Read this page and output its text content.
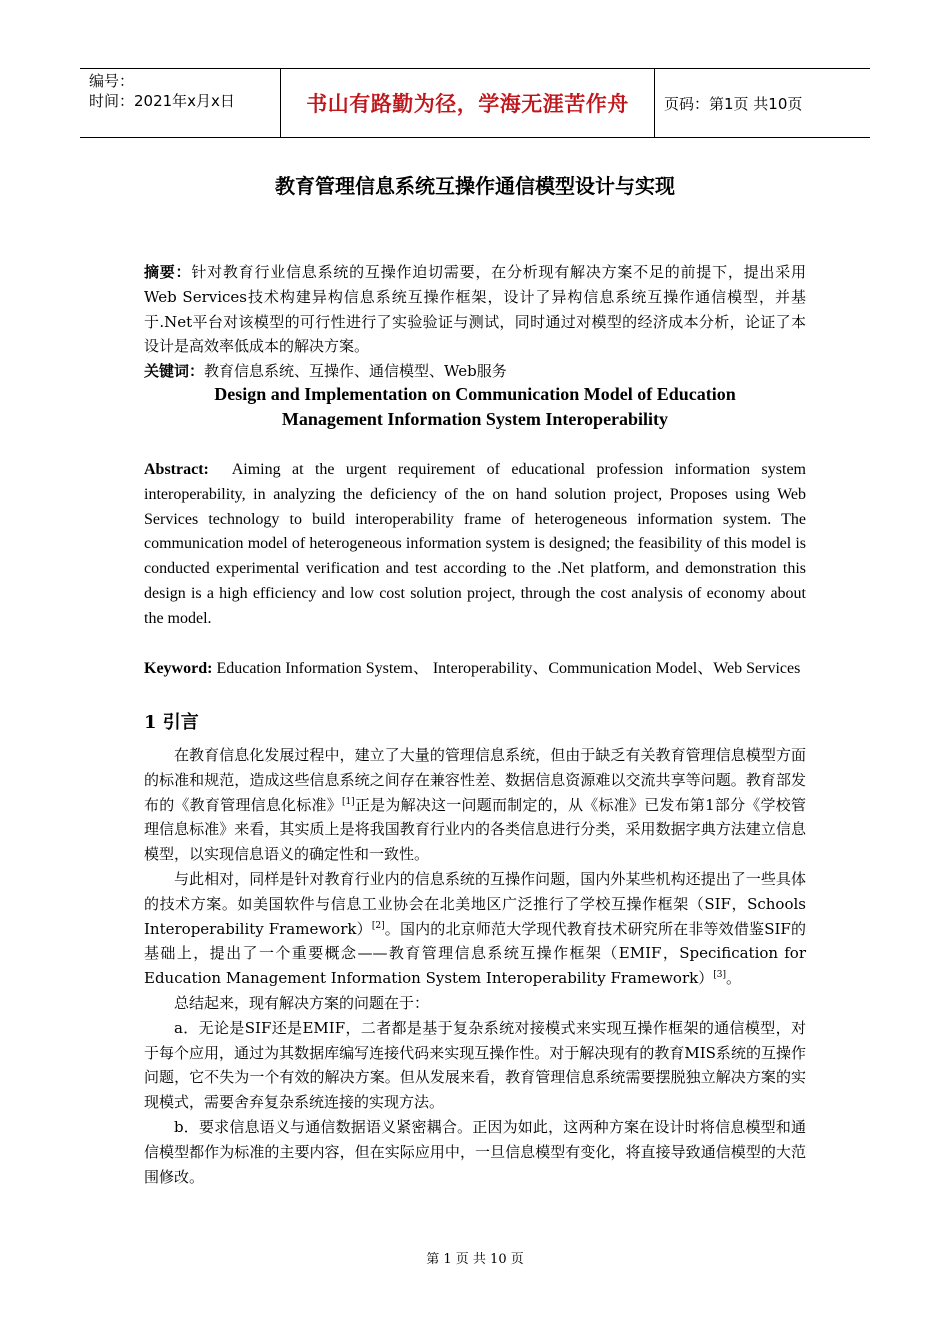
编号：
时间：2021年x月x日	书山有路勤为径，学海无涯苦作舟	页码：第1页 共10页
教育管理信息系统互操作通信模型设计与实现

摘要：针对教育行业信息系统的互操作迫切需要，在分析现有解决方案不足的前提下，提出采用Web Services技术构建异构信息系统互操作框架，设计了异构信息系统互操作通信模型，并基于.Net平台对该模型的可行性进行了实验验证与测试，同时通过对模型的经济成本分析，论证了本设计是高效率低成本的解决方案。

关键词：教育信息系统、互操作、通信模型、Web服务

Design and Implementation on Communication Model of Education
Management Information System Interoperability

Abstract: Aiming at the urgent requirement of educational profession information system interoperability, in analyzing the deficiency of the on hand solution project, Proposes using Web Services technology to build interoperability frame of heterogeneous information system. The communication model of heterogeneous information system is designed; the feasibility of this model is conducted experimental verification and test according to the .Net platform, and demonstration this design is a high efficiency and low cost solution project, through the cost analysis of economy about the model.

Keyword: Education Information System、 Interoperability、Communication Model、Web Services

1 引言

在教育信息化发展过程中，建立了大量的管理信息系统，但由于缺乏有关教育管理信息模型方面的标准和规范，造成这些信息系统之间存在兼容性差、数据信息资源难以交流共享等问题。教育部发布的《教育管理信息化标准》[1]正是为解决这一问题而制定的，从《标准》已发布第1部分《学校管理信息标准》来看，其实质上是将我国教育行业内的各类信息进行分类，采用数据字典方法建立信息模型，以实现信息语义的确定性和一致性。

与此相对，同样是针对教育行业内的信息系统的互操作问题，国内外某些机构还提出了一些具体的技术方案。如美国软件与信息工业协会在北美地区广泛推行了学校互操作框架（SIF，Schools Interoperability Framework）[2]。国内的北京师范大学现代教育技术研究所在非等效借鉴SIF的基础上，提出了一个重要概念——教育管理信息系统互操作框架（EMIF，Specification for Education Management Information System Interoperability Framework）[3]。

总结起来，现有解决方案的问题在于：

a．无论是SIF还是EMIF，二者都是基于复杂系统对接模式来实现互操作框架的通信模型，对于每个应用，通过为其数据库编写连接代码来实现互操作性。对于解决现有的教育MIS系统的互操作问题，它不失为一个有效的解决方案。但从发展来看，教育管理信息系统需要摆脱独立解决方案的实现模式，需要舍弃复杂系统连接的实现方法。

b．要求信息语义与通信数据语义紧密耦合。正因为如此，这两种方案在设计时将信息模型和通信模型都作为标准的主要内容，但在实际应用中，一旦信息模型有变化，将直接导致通信模型的大范围修改。

第 1 页 共 10 页
